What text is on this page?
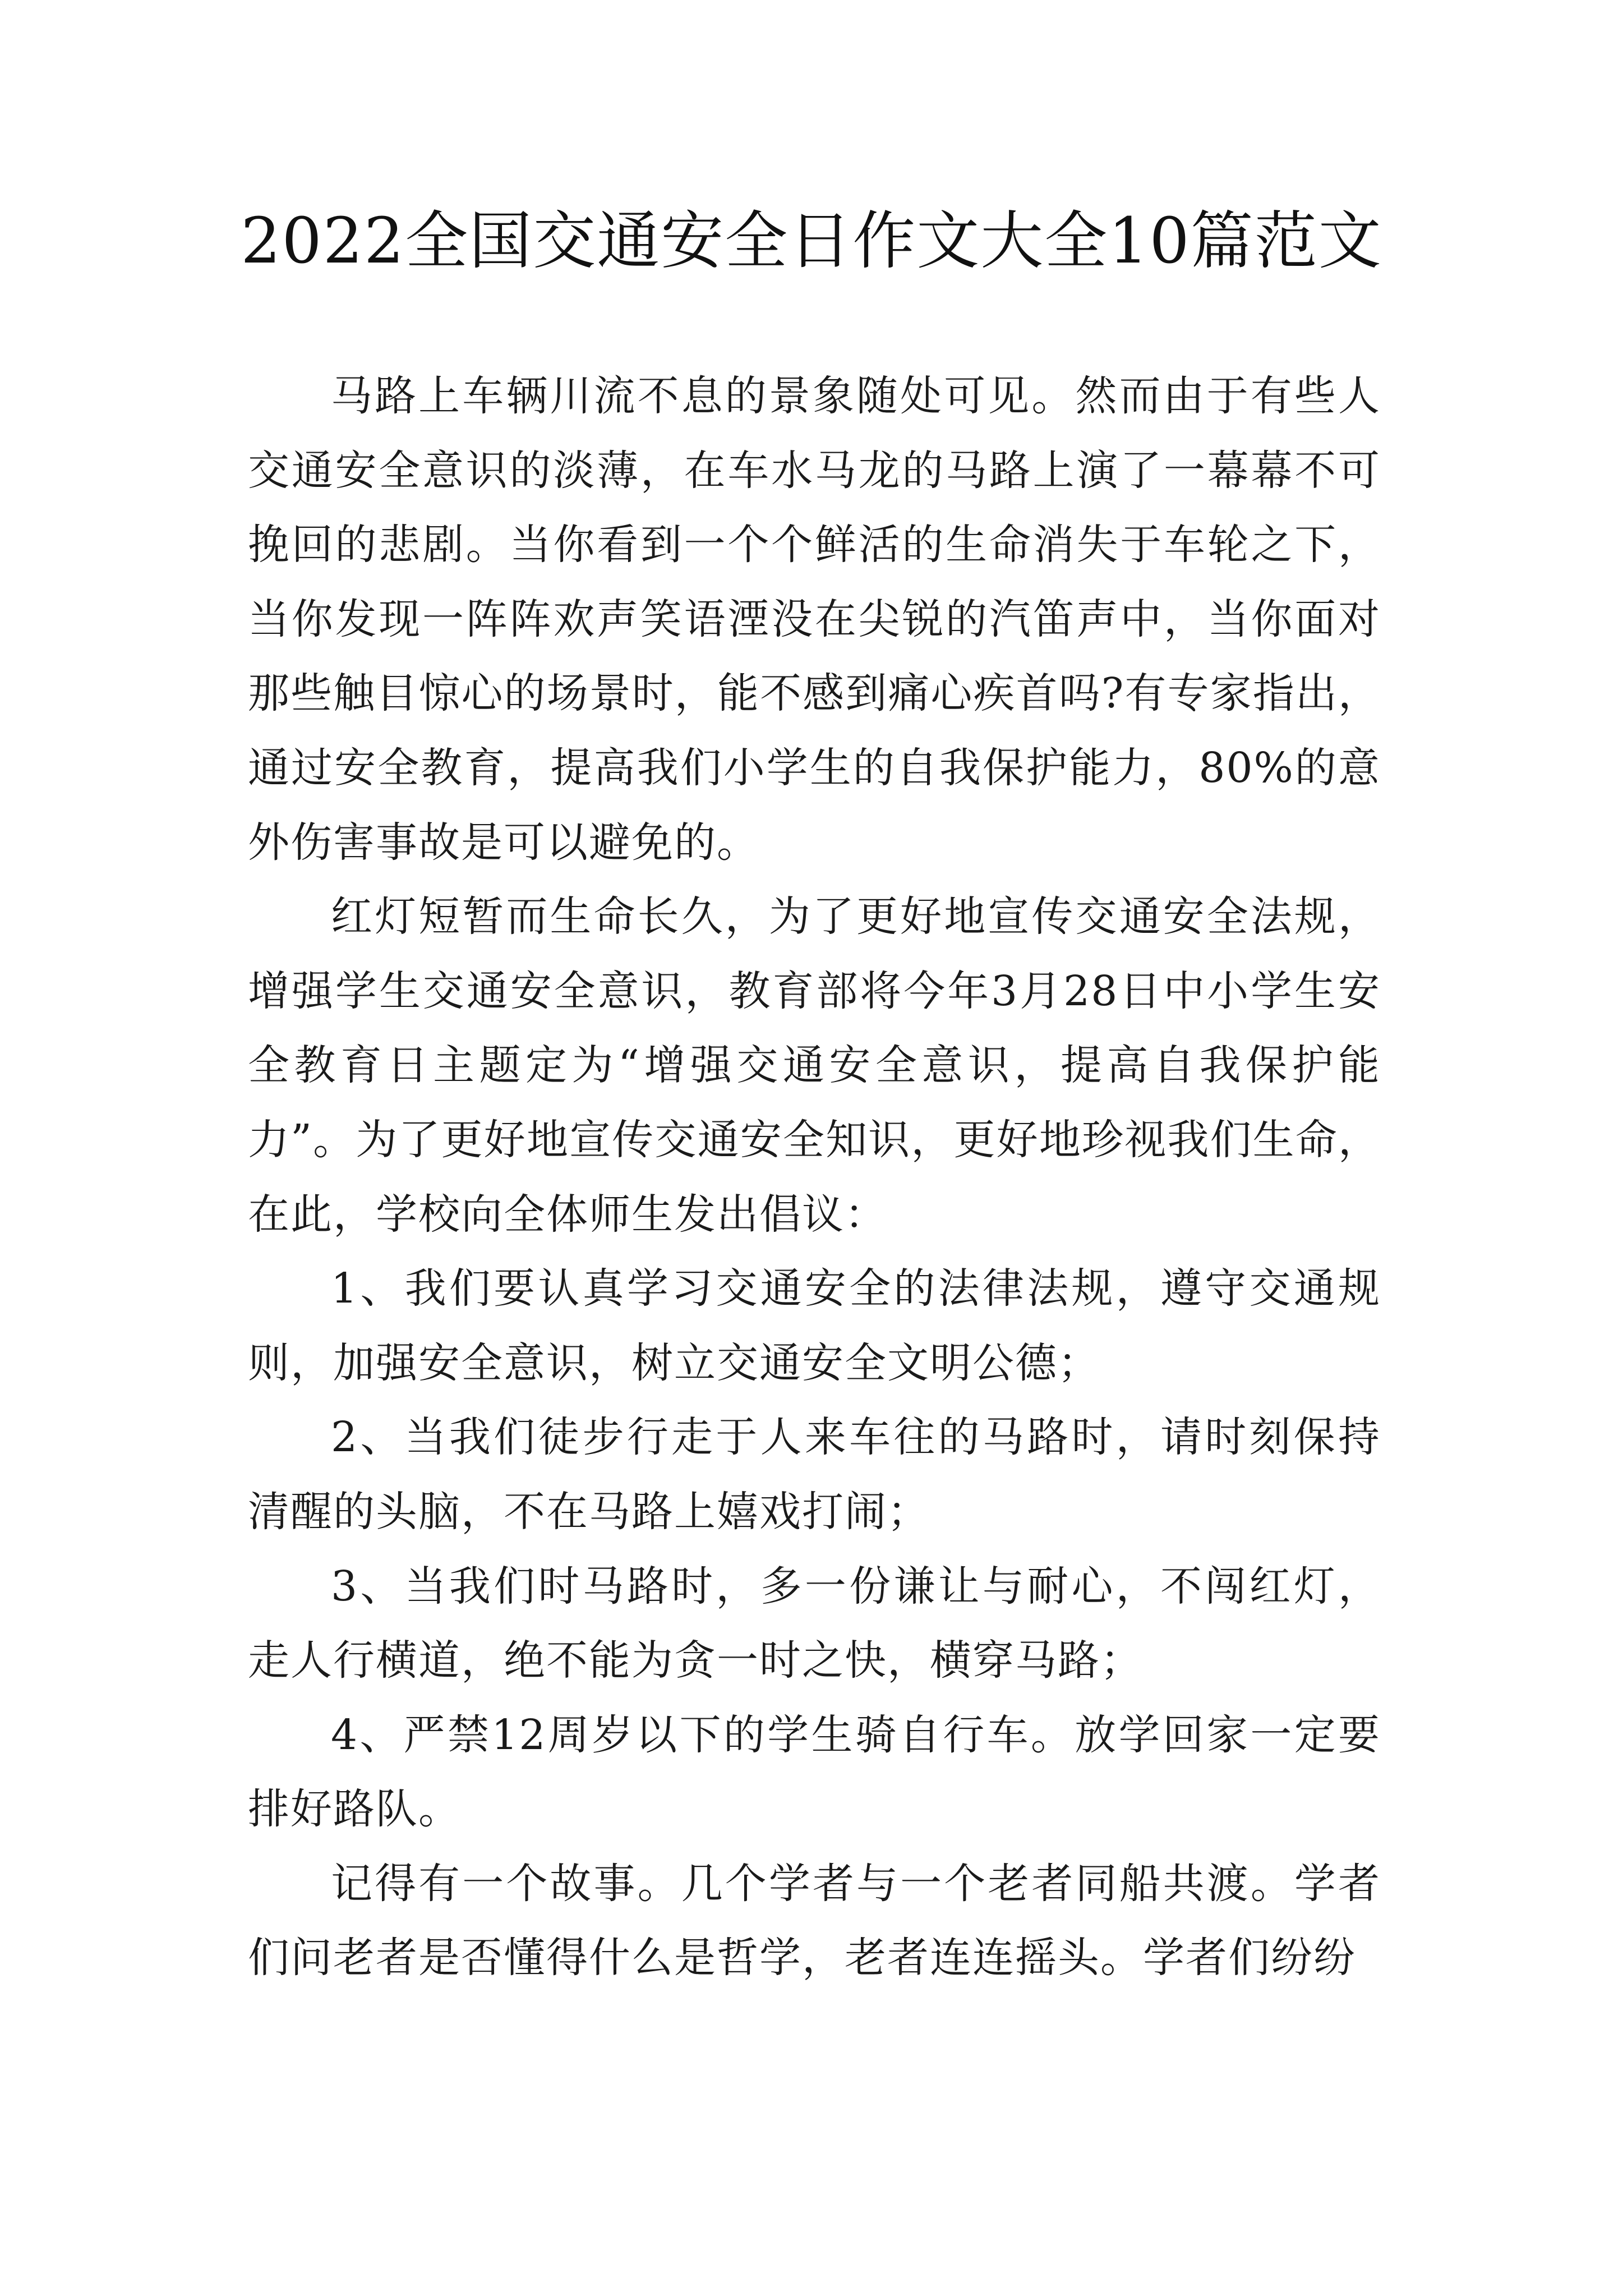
2022全国交通安全日作文大全10篇范文

马路上车辆川流不息的景象随处可见。然而由于有些人交通安全意识的淡薄，在车水马龙的马路上演了一幕幕不可挽回的悲剧。当你看到一个个鲜活的生命消失于车轮之下，当你发现一阵阵欢声笑语湮没在尖锐的汽笛声中，当你面对那些触目惊心的场景时，能不感到痛心疾首吗?有专家指出，通过安全教育，提高我们小学生的自我保护能力，80%的意外伤害事故是可以避免的。

红灯短暂而生命长久，为了更好地宣传交通安全法规，增强学生交通安全意识，教育部将今年3月28日中小学生安全教育日主题定为“增强交通安全意识，提高自我保护能力”。为了更好地宣传交通安全知识，更好地珍视我们生命，在此，学校向全体师生发出倡议：

1、我们要认真学习交通安全的法律法规，遵守交通规则，加强安全意识，树立交通安全文明公德；

2、当我们徒步行走于人来车往的马路时，请时刻保持清醒的头脑，不在马路上嬉戏打闹；

3、当我们时马路时，多一份谦让与耐心，不闯红灯，走人行横道，绝不能为贪一时之快，横穿马路；

4、严禁12周岁以下的学生骑自行车。放学回家一定要排好路队。

记得有一个故事。几个学者与一个老者同船共渡。学者们问老者是否懂得什么是哲学，老者连连摇头。学者们纷纷
